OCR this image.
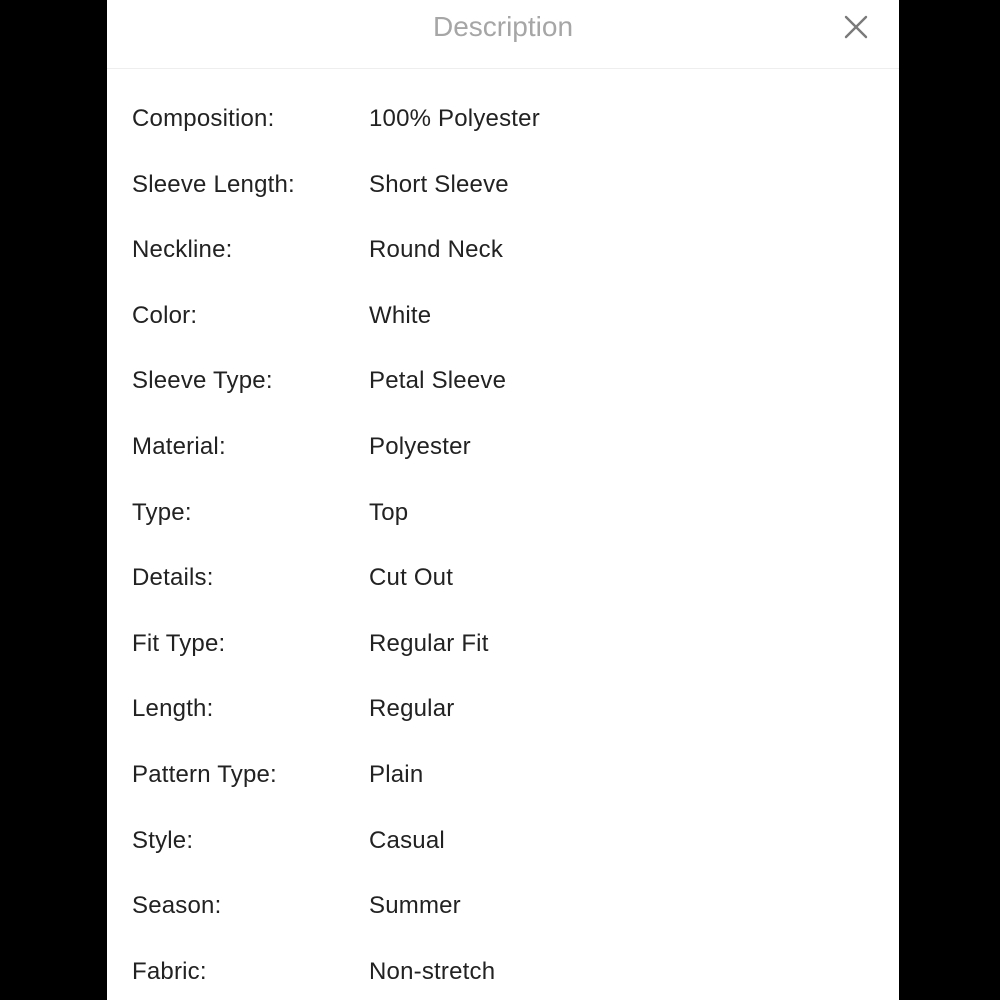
Description
Composition:	100% Polyester
Sleeve Length:	Short Sleeve
Neckline:	Round Neck
Color:	White
Sleeve Type:	Petal Sleeve
Material:	Polyester
Type:	Top
Details:	Cut Out
Fit Type:	Regular Fit
Length:	Regular
Pattern Type:	Plain
Style:	Casual
Season:	Summer
Fabric:	Non-stretch
